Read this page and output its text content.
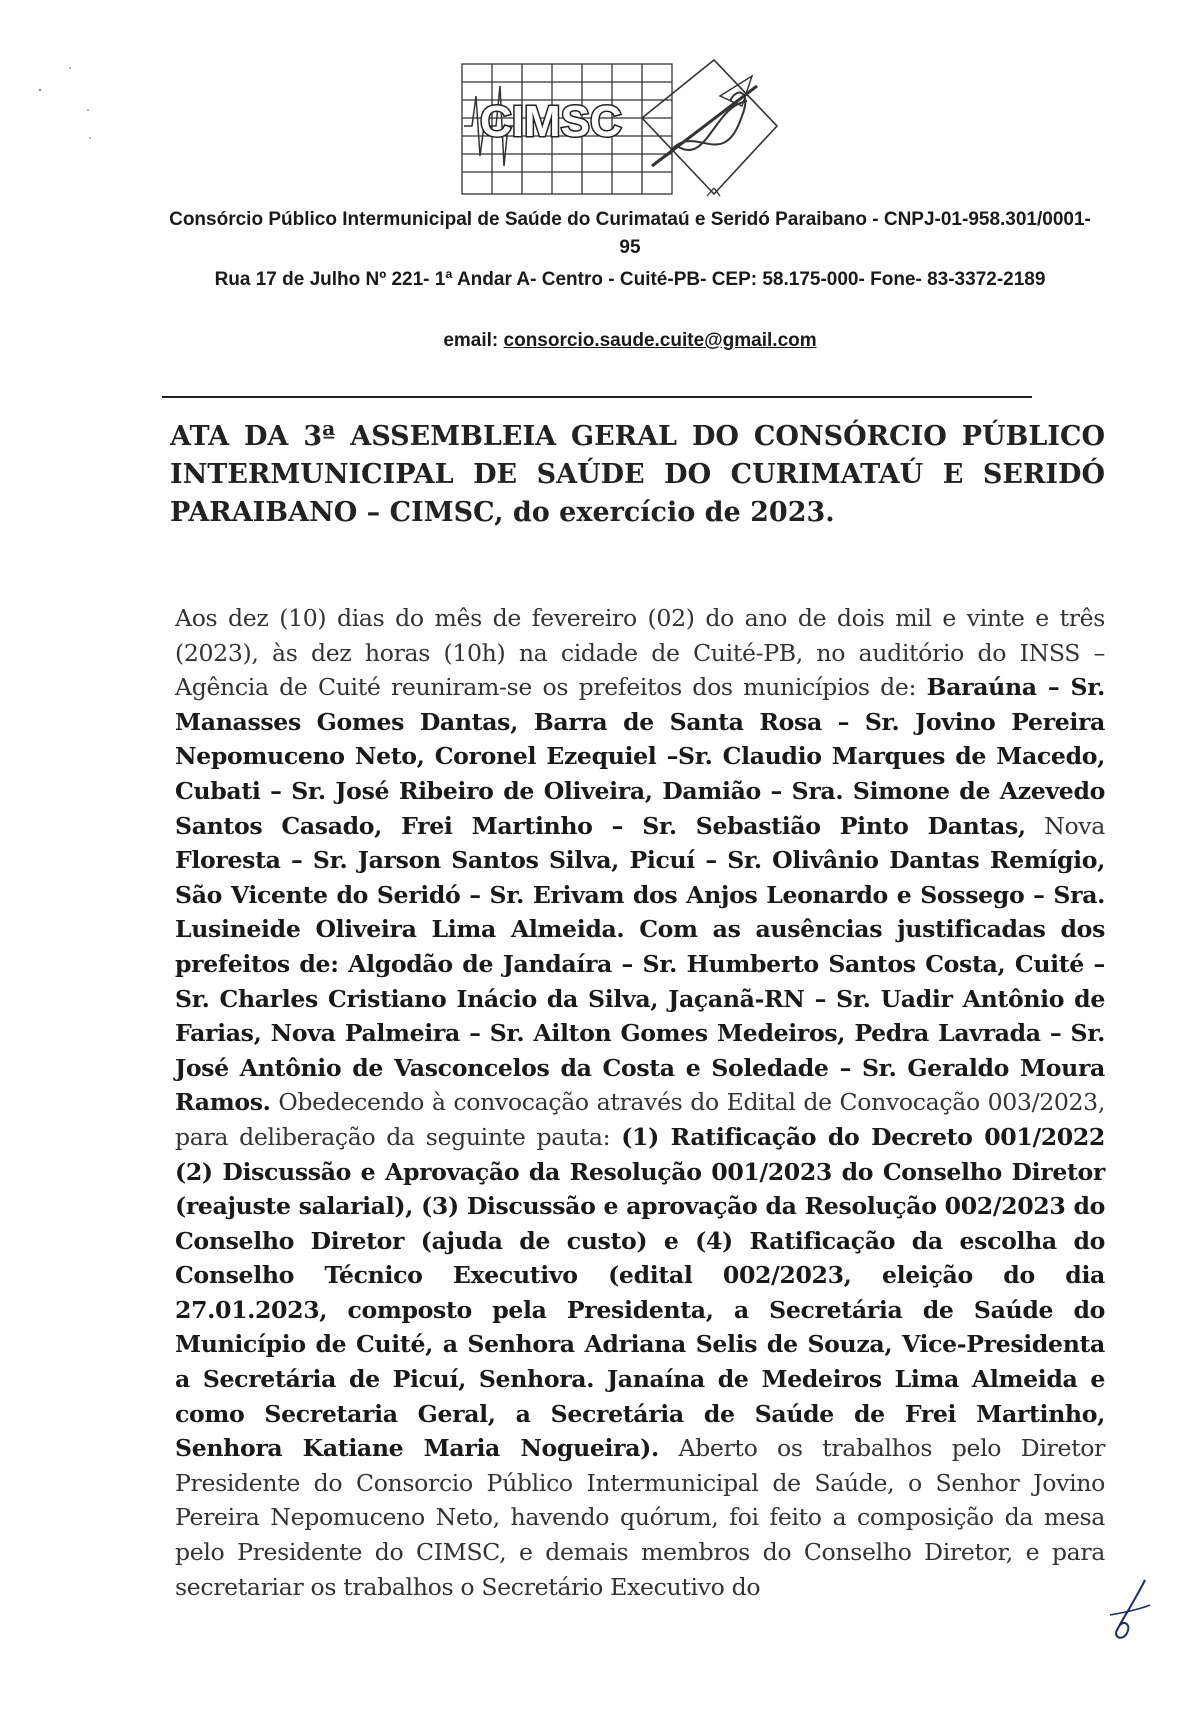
CIMSC
Consórcio Público Intermunicipal de Saúde do Curimataú e Seridó Paraibano - CNPJ-01-958.301/0001-95
Rua 17 de Julho Nº 221- 1ª Andar A- Centro - Cuité-PB- CEP: 58.175-000- Fone- 83-3372-2189
email: consorcio.saude.cuite@gmail.com
ATA DA 3ª ASSEMBLEIA GERAL DO CONSÓRCIO PÚBLICO
INTERMUNICIPAL DE SAÚDE DO CURIMATAÚ E SERIDÓ PARAIBANO – CIMSC, do exercício de 2023.
Aos dez (10) dias do mês de fevereiro (02) do ano de dois mil e vinte e três (2023), às dez horas (10h) na cidade de Cuité-PB, no auditório do INSS – Agência de Cuité reuniram-se os prefeitos dos municípios de: Baraúna – Sr. Manasses Gomes Dantas, Barra de Santa Rosa – Sr. Jovino Pereira Nepomuceno Neto, Coronel Ezequiel –Sr. Claudio Marques de Macedo, Cubati – Sr. José Ribeiro de Oliveira, Damião – Sra. Simone de Azevedo Santos Casado, Frei Martinho – Sr. Sebastião Pinto Dantas, Nova Floresta – Sr. Jarson Santos Silva, Picuí – Sr. Olivânio Dantas Remígio, São Vicente do Seridó – Sr. Erivam dos Anjos Leonardo e Sossego – Sra. Lusineide Oliveira Lima Almeida. Com as ausências justificadas dos prefeitos de: Algodão de Jandaíra – Sr. Humberto Santos Costa, Cuité – Sr. Charles Cristiano Inácio da Silva, Jaçanã-RN – Sr. Uadir Antônio de Farias, Nova Palmeira – Sr. Ailton Gomes Medeiros, Pedra Lavrada – Sr. José Antônio de Vasconcelos da Costa e Soledade – Sr. Geraldo Moura Ramos. Obedecendo à convocação através do Edital de Convocação 003/2023, para deliberação da seguinte pauta: (1) Ratificação do Decreto 001/2022 (2) Discussão e Aprovação da Resolução 001/2023 do Conselho Diretor (reajuste salarial), (3) Discussão e aprovação da Resolução 002/2023 do Conselho Diretor (ajuda de custo) e (4) Ratificação da escolha do Conselho Técnico Executivo (edital 002/2023, eleição do dia 27.01.2023, composto pela Presidenta, a Secretária de Saúde do Município de Cuité, a Senhora Adriana Selis de Souza, Vice-Presidenta a Secretária de Picuí, Senhora. Janaína de Medeiros Lima Almeida e como Secretaria Geral, a Secretária de Saúde de Frei Martinho, Senhora Katiane Maria Nogueira). Aberto os trabalhos pelo Diretor Presidente do Consorcio Público Intermunicipal de Saúde, o Senhor Jovino Pereira Nepomuceno Neto, havendo quórum, foi feito a composição da mesa pelo Presidente do CIMSC, e demais membros do Conselho Diretor, e para secretariar os trabalhos o Secretário Executivo do
